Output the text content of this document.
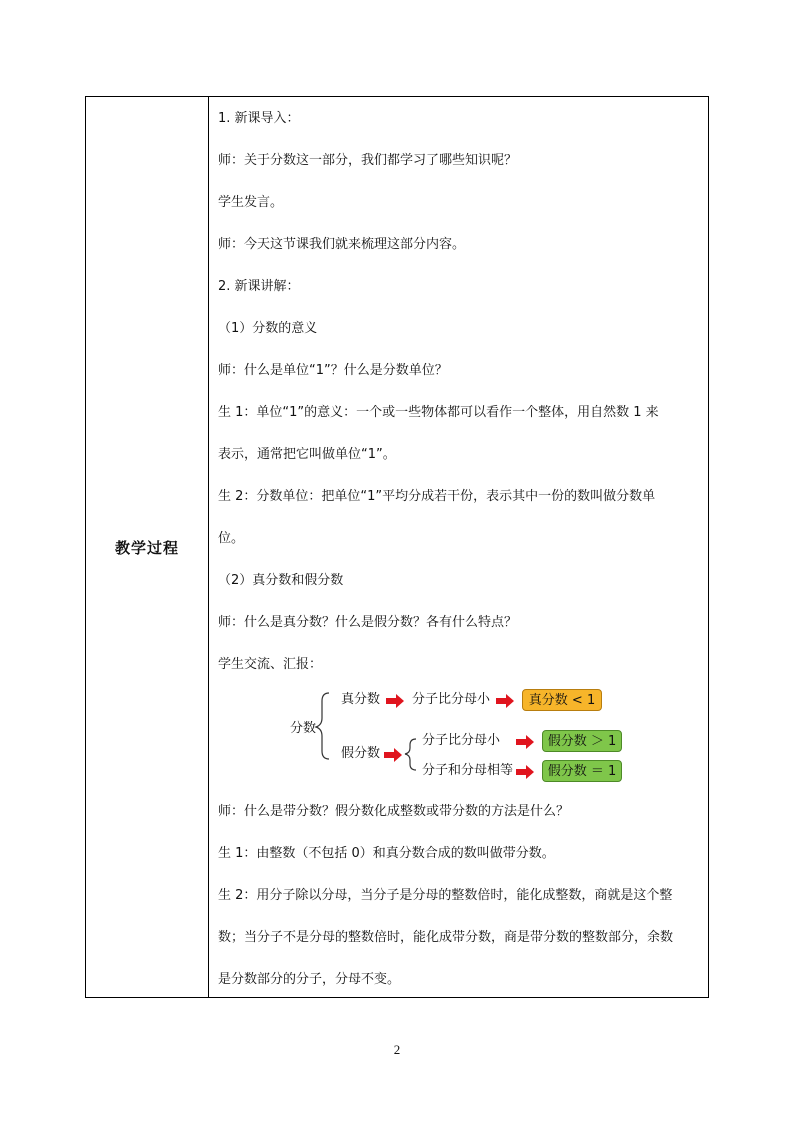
教学过程
1. 新课导入：
师：关于分数这一部分，我们都学习了哪些知识呢？
学生发言。
师：今天这节课我们就来梳理这部分内容。
2. 新课讲解：
（1）分数的意义
师：什么是单位“1”？什么是分数单位？
生 1：单位“1”的意义：一个或一些物体都可以看作一个整体，用自然数 1 来
表示，通常把它叫做单位“1”。
生 2：分数单位：把单位“1”平均分成若干份，表示其中一份的数叫做分数单
位。
（2）真分数和假分数
师：什么是真分数？什么是假分数？各有什么特点？
学生交流、汇报：
分数
真分数 分子比分母小	真分数 < 1
假分数
分子比分母小	假分数 ＞ 1
分子和分母相等	假分数 ＝ 1
师：什么是带分数？假分数化成整数或带分数的方法是什么？
生 1：由整数（不包括 0）和真分数合成的数叫做带分数。
生 2：用分子除以分母，当分子是分母的整数倍时，能化成整数，商就是这个整
数；当分子不是分母的整数倍时，能化成带分数，商是带分数的整数部分，余数
是分数部分的分子，分母不变。
2
